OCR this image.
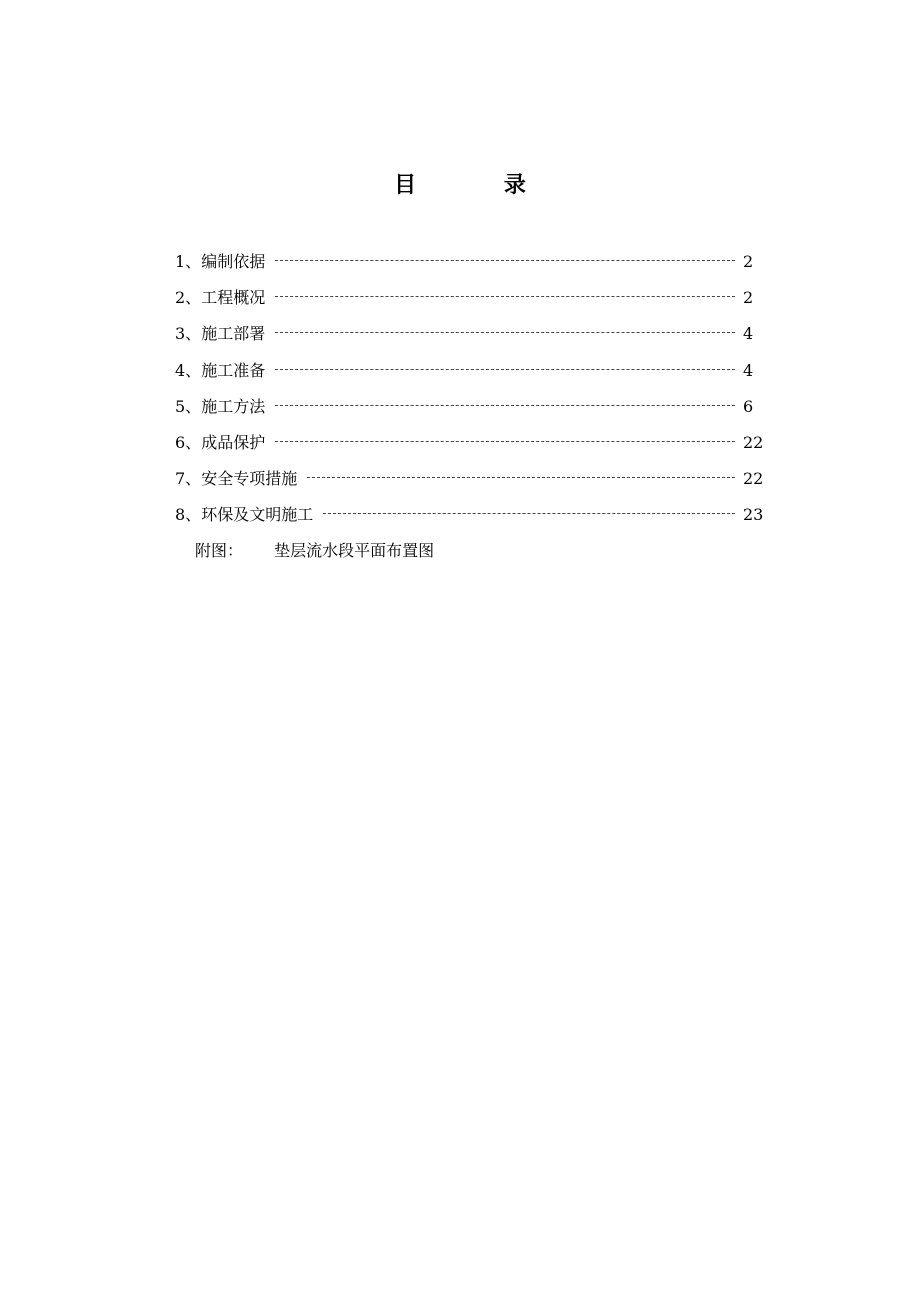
目 录
1、 编制依据	2
2、 工程概况	2
3、 施工部署	4
4、 施工准备	4
5、 施工方法	6
6、 成品保护	22
7、 安全专项措施	22
8、 环保及文明施工	23
附图： 垫层流水段平面布置图
